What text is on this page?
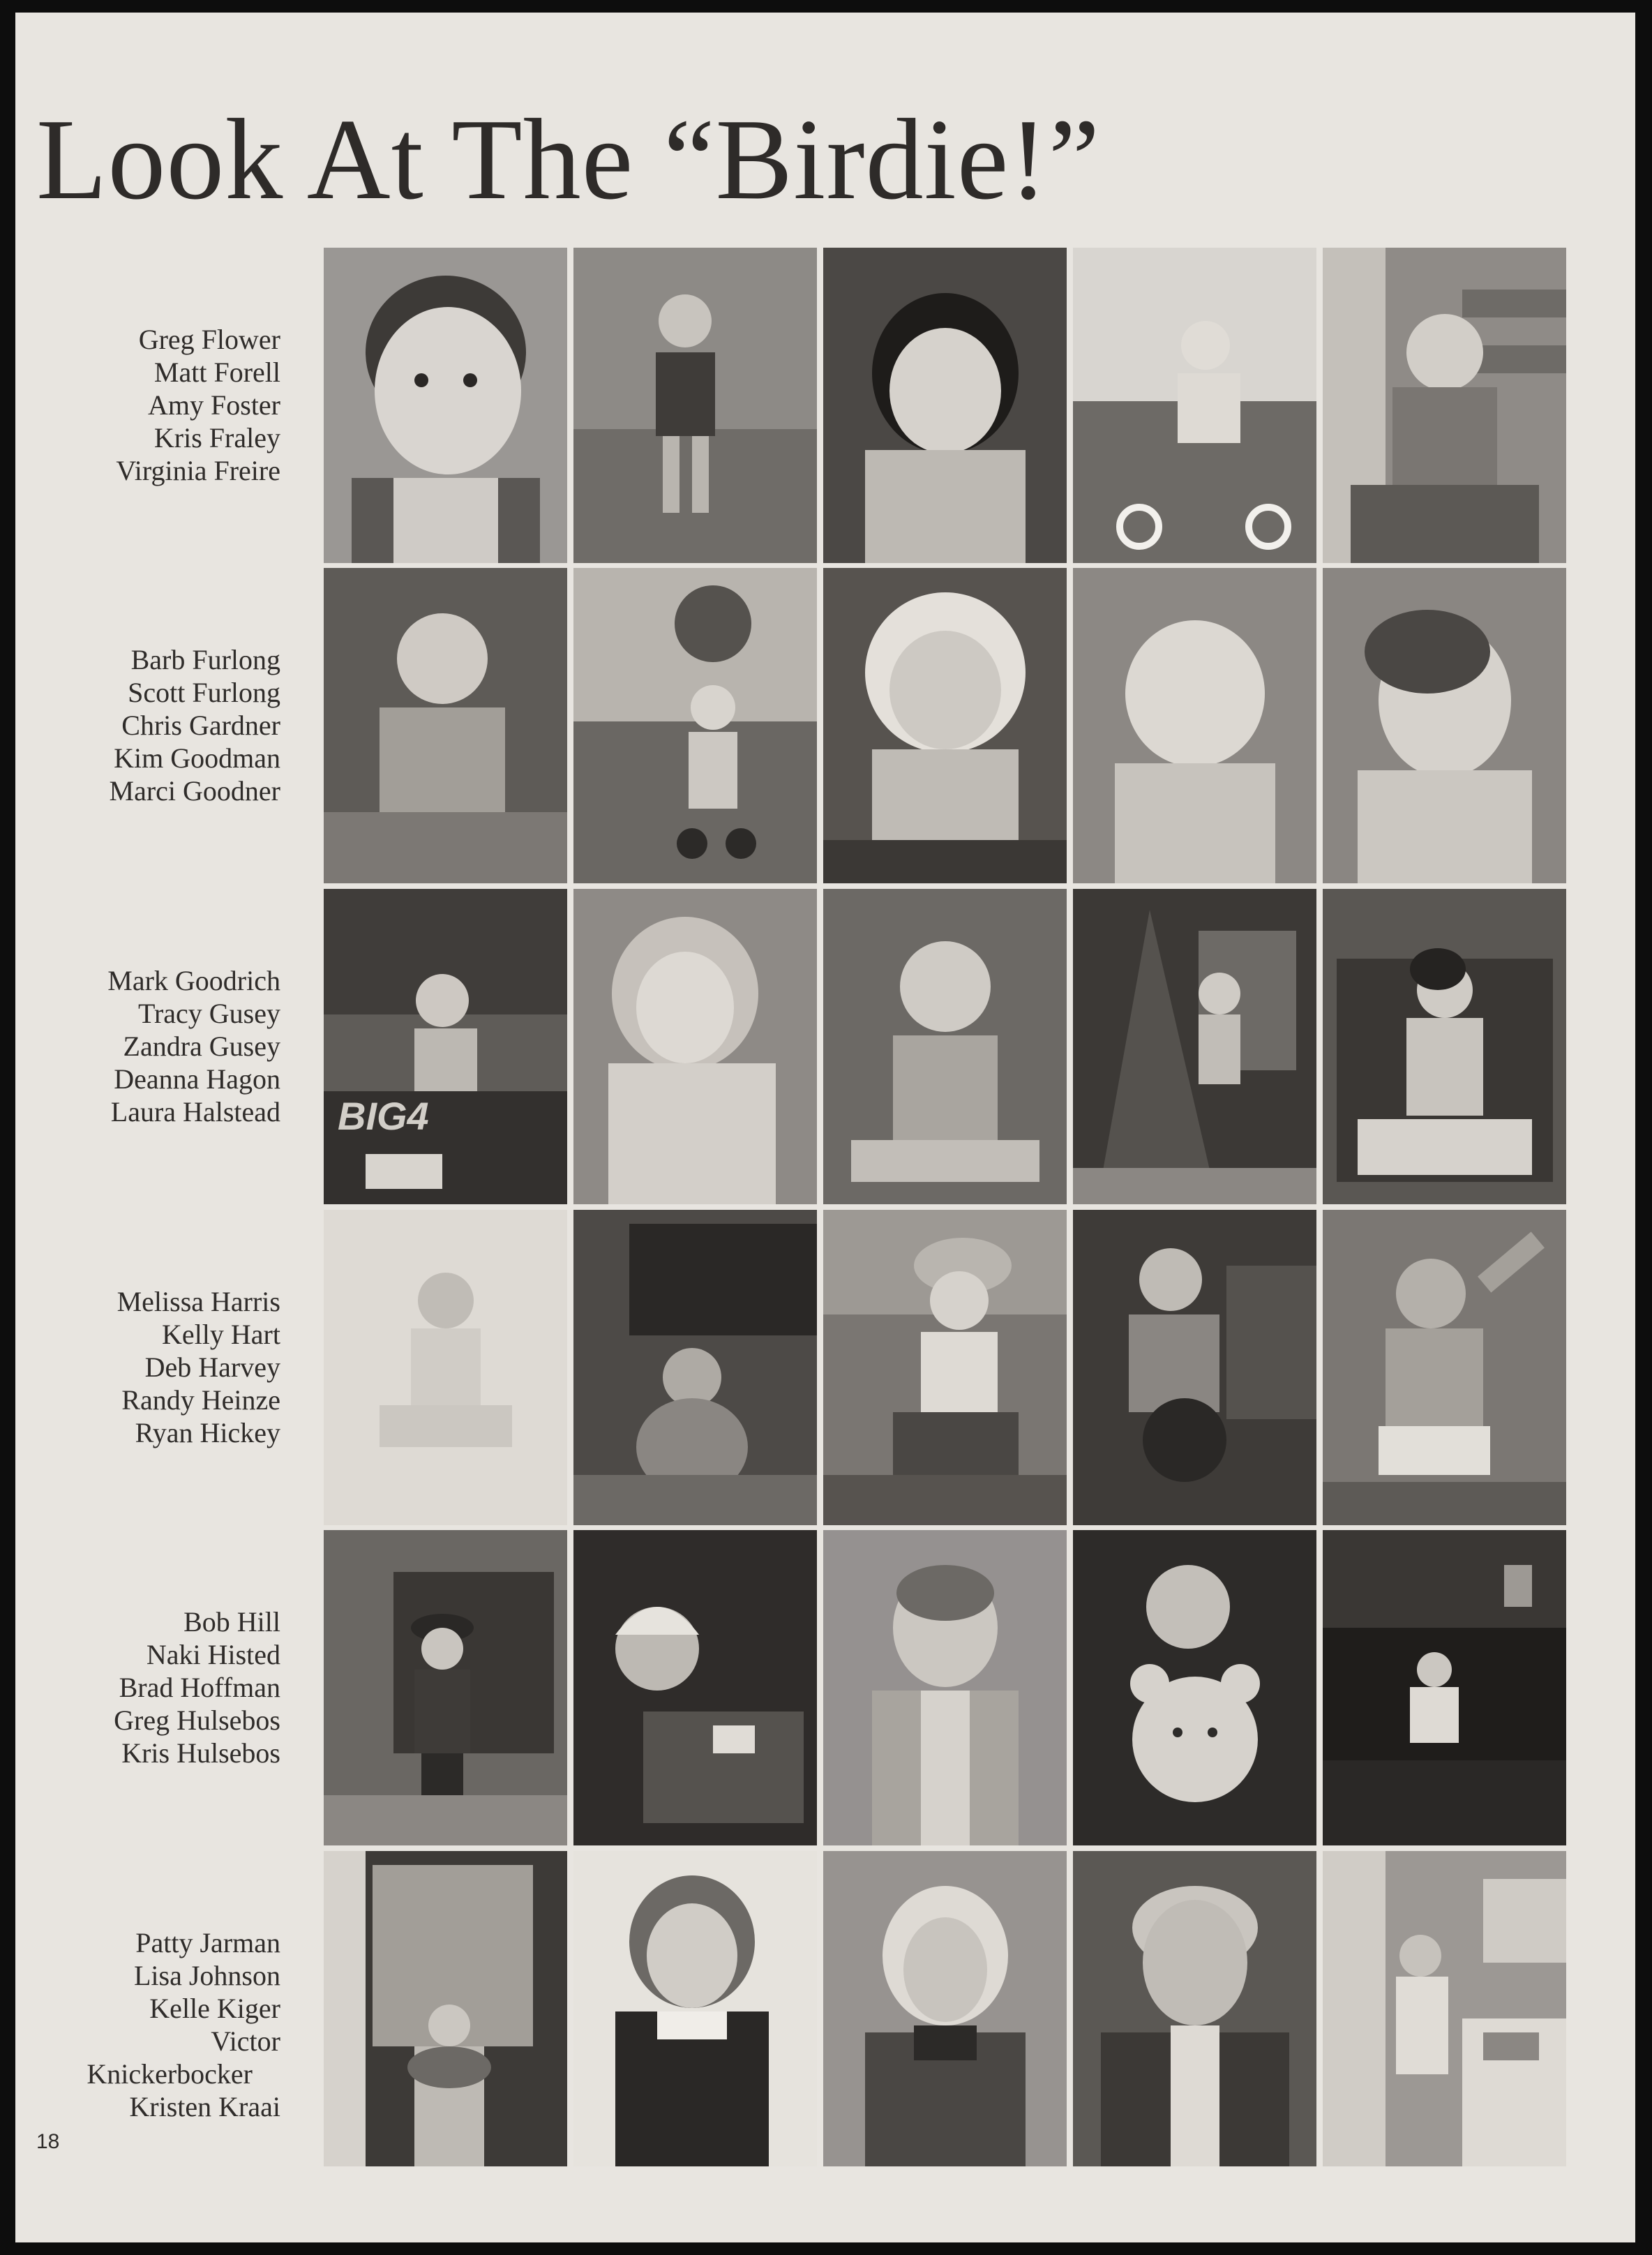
Look At The “Birdie!”
Greg Flower
Matt Forell
Amy Foster
Kris Fraley
Virginia Freire
Barb Furlong
Scott Furlong
Chris Gardner
Kim Goodman
Marci Goodner
Mark Goodrich
Tracy Gusey
Zandra Gusey
Deanna Hagon
Laura Halstead BIG4
Melissa Harris
Kelly Hart
Deb Harvey
Randy Heinze
Ryan Hickey
Bob Hill
Naki Histed
Brad Hoffman
Greg Hulsebos
Kris Hulsebos
Patty Jarman
Lisa Johnson
Kelle Kiger
Victor
Knickerbocker
Kristen Kraai
18
